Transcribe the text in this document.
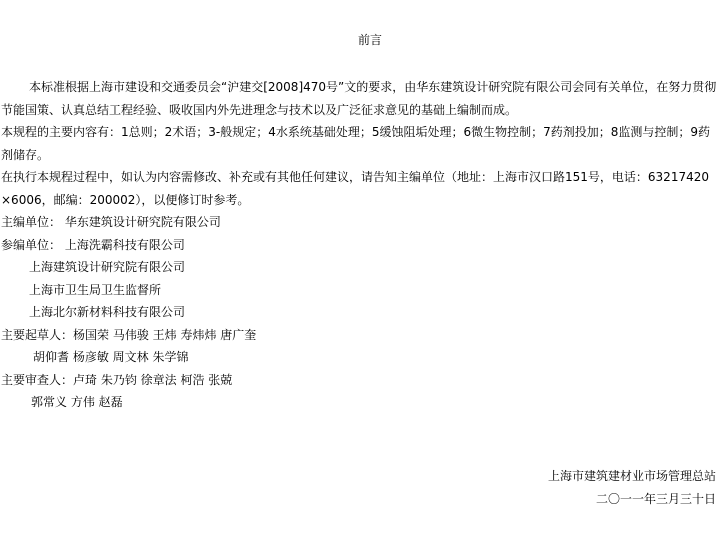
前言

本标准根据上海市建设和交通委员会“沪建交[2008]470号”文的要求，由华东建筑设计研究院有限公司会同有关单位，在努力贯彻节能国策、认真总结工程经验、吸收国内外先进理念与技术以及广泛征求意见的基础上编制而成。

本规程的主要内容有：1总则；2术语；3-般规定；4水系统基础处理；5缓蚀阻垢处理；6微生物控制；7药剂投加；8监测与控制；9药剂储存。

在执行本规程过程中，如认为内容需修改、补充或有其他任何建议，请告知主编单位（地址：上海市汉口路151号，电话：63217420×6006，邮编：200002），以便修订时参考。

主编单位： 华东建筑设计研究院有限公司

参编单位： 上海洗霸科技有限公司

上海建筑设计研究院有限公司

上海市卫生局卫生监督所

上海北尔新材料科技有限公司

主要起草人：杨国荣 马伟骏 王炜 寿炜炜 唐广奎

胡仰耆 杨彦敏 周文林 朱学锦

主要审查人：卢琦 朱乃钧 徐章法 柯浩 张兢

郭常义 方伟 赵磊

上海市建筑建材业市场管理总站
二〇一一年三月三十日
